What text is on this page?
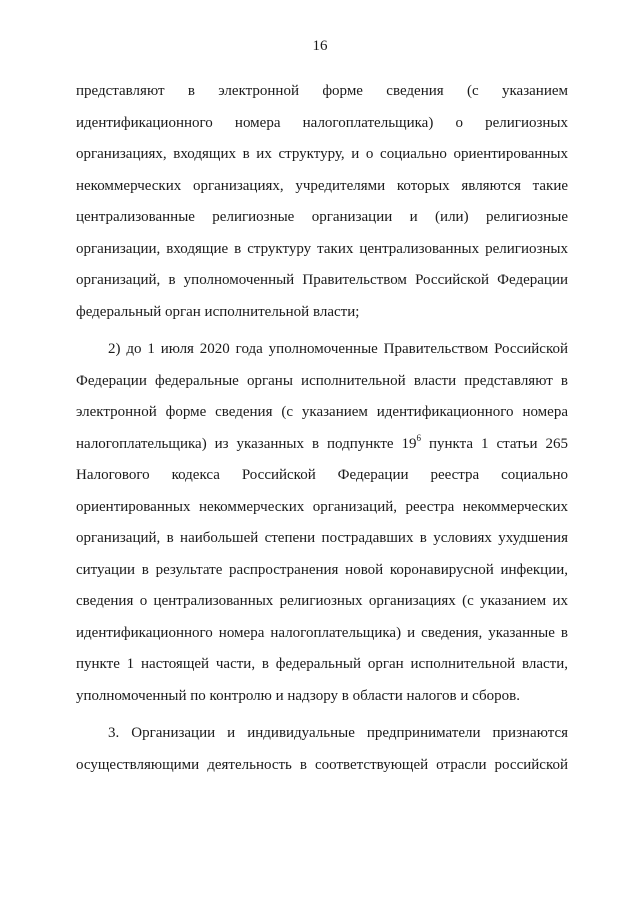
16
представляют в электронной форме сведения (с указанием
идентификационного номера налогоплательщика) о религиозных
организациях, входящих в их структуру, и о социально ориентированных
некоммерческих организациях, учредителями которых являются такие
централизованные религиозные организации и (или) религиозные
организации, входящие в структуру таких централизованных религиозных
организаций, в уполномоченный Правительством Российской Федерации
федеральный орган исполнительной власти;
2) до 1 июля 2020 года уполномоченные Правительством Российской
Федерации федеральные органы исполнительной власти представляют в
электронной форме сведения (с указанием идентификационного номера
налогоплательщика) из указанных в подпункте $19^6$ пункта 1 статьи 265
Налогового кодекса Российской Федерации реестра социально
ориентированных некоммерческих организаций, реестра некоммерческих
организаций, в наибольшей степени пострадавших в условиях ухудшения
ситуации в результате распространения новой коронавирусной инфекции,
сведения о централизованных религиозных организациях (с указанием их
идентификационного номера налогоплательщика) и сведения, указанные в
пункте 1 настоящей части, в федеральный орган исполнительной власти,
уполномоченный по контролю и надзору в области налогов и сборов.
3. Организации и индивидуальные предприниматели признаются
осуществляющими деятельность в соответствующей отрасли российской
